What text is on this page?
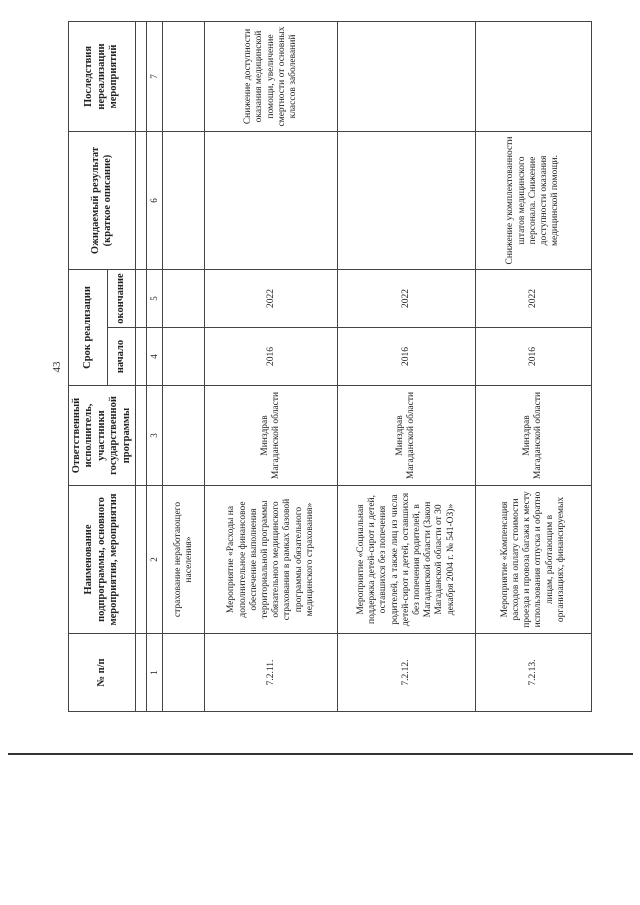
43
№ п/п	Наименование подпрограммы, основного мероприятия, мероприятия	Ответственный исполнитель, участники государственной программы	Срок реализации		Ожидаемый результат (краткое описание)	Последствия нереализации мероприятий
			начало	окончание		

1	2	3	4	5	6	7
	страхование неработающего населения»					
7.2.11.	Мероприятие «Расходы на дополнительное финансовое обеспечение выполнения территориальной программы обязательного медицинского страхования в рамках базовой программы обязательного медицинского страхования»	Минздрав Магаданской области	2016	2022		Снижение доступности оказания медицинской помощи, увеличение смертности от основных классов заболеваний
7.2.12.	Мероприятие «Социальная поддержка детей-сирот и детей, оставшихся без попечения родителей, а также лиц из числа детей-сирот и детей, оставшихся без попечения родителей, в Магаданской области (Закон Магаданской области от 30 декабря 2004 г. № 541-ОЗ)»	Минздрав Магаданской области	2016	2022		
7.2.13.	Мероприятие «Компенсация расходов на оплату стоимости проезда и провоза багажа к месту использования отпуска и обратно лицам, работающим в организациях, финансируемых	Минздрав Магаданской области	2016	2022	Снижение укомплектованности штатов медицинского персонала. Снижение доступности оказания медицинской помощи.	
